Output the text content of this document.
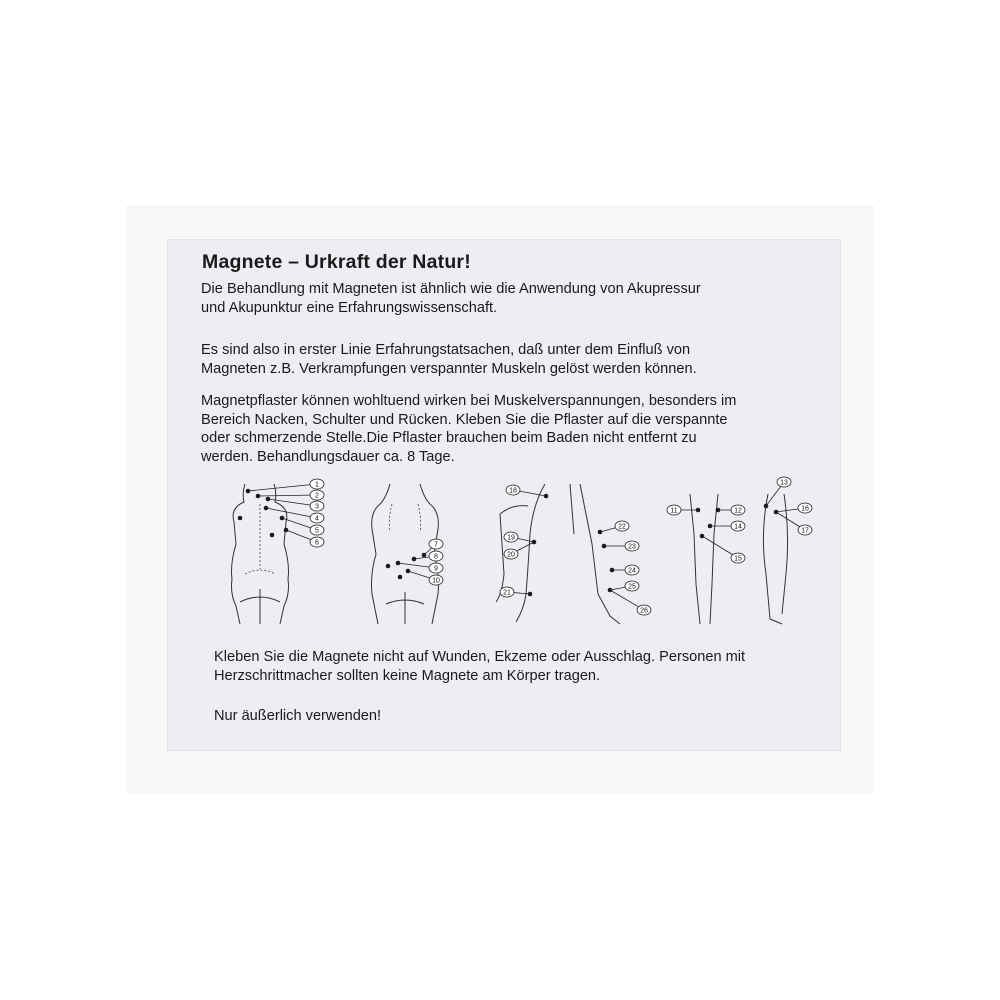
Magnete – Urkraft der Natur!

Die Behandlung mit Magneten ist ähnlich wie die Anwendung von Akupressur
und Akupunktur eine Erfahrungswissenschaft.

Es sind also in erster Linie Erfahrungstatsachen, daß unter dem Einfluß von
Magneten z.B. Verkrampfungen verspannter Muskeln gelöst werden können.

Magnetpflaster können wohltuend wirken bei Muskelverspannungen, besonders im
Bereich Nacken, Schulter und Rücken. Kleben Sie die Pflaster auf die verspannte
oder schmerzende Stelle.Die Pflaster brauchen beim Baden nicht entfernt zu
werden. Behandlungsdauer ca. 8 Tage.

1
2
3
4
5
6	7
8
9
10
11	12
13
14
15
16
17
18
19
20
21
22
23
24
25
26

Kleben Sie die Magnete nicht auf Wunden, Ekzeme oder Ausschlag. Personen mit
Herzschrittmacher sollten keine Magnete am Körper tragen.

Nur äußerlich verwenden!
